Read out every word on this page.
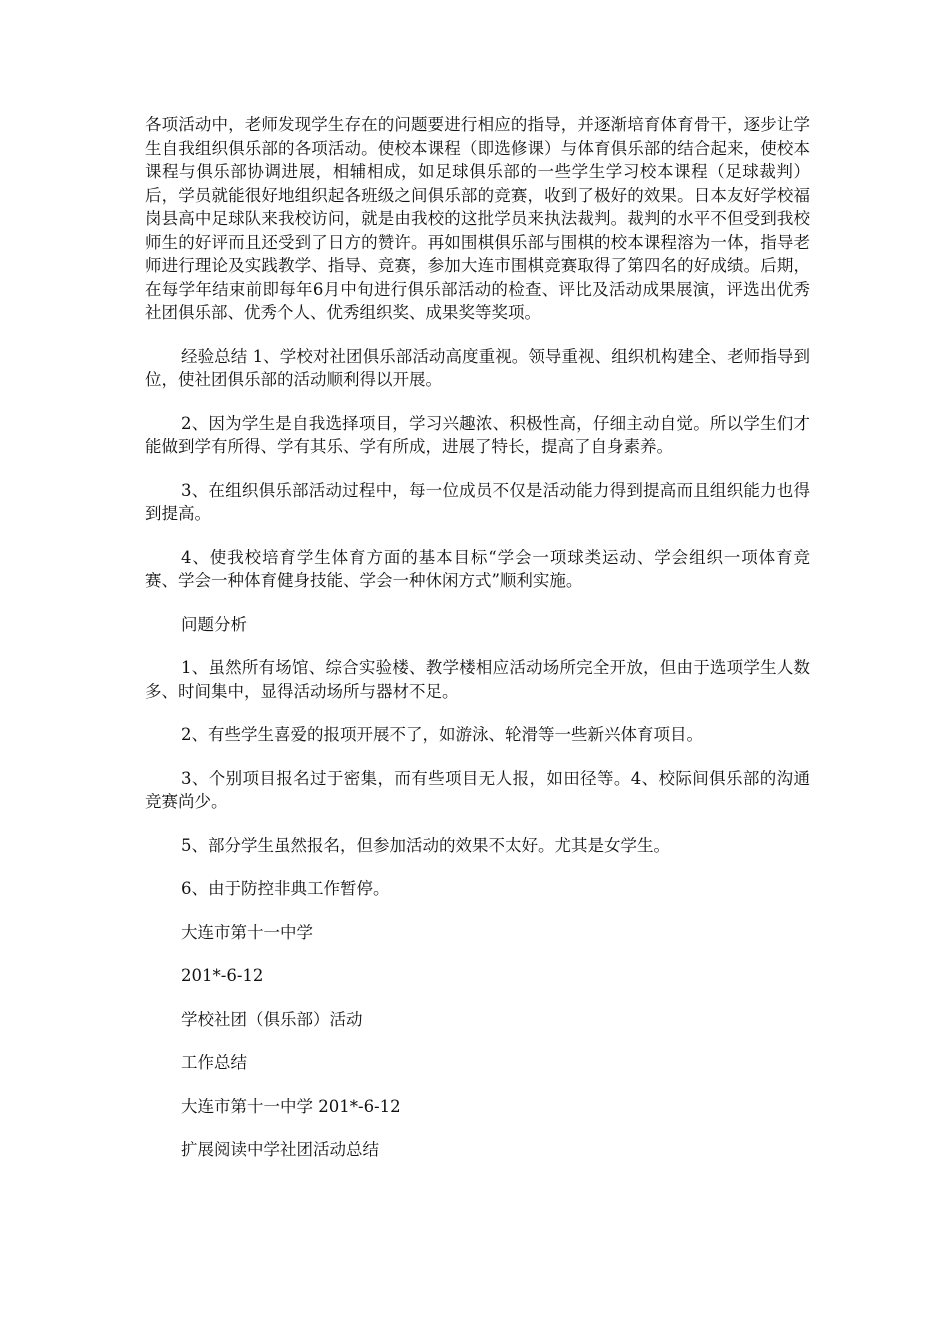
各项活动中，老师发现学生存在的问题要进行相应的指导，并逐渐培育体育骨干，逐步让学生自我组织俱乐部的各项活动。使校本课程（即选修课）与体育俱乐部的结合起来，使校本课程与俱乐部协调进展，相辅相成，如足球俱乐部的一些学生学习校本课程（足球裁判）后，学员就能很好地组织起各班级之间俱乐部的竞赛，收到了极好的效果。日本友好学校福岗县高中足球队来我校访问，就是由我校的这批学员来执法裁判。裁判的水平不但受到我校师生的好评而且还受到了日方的赞许。再如围棋俱乐部与围棋的校本课程溶为一体，指导老师进行理论及实践教学、指导、竞赛，参加大连市围棋竞赛取得了第四名的好成绩。后期，在每学年结束前即每年6月中旬进行俱乐部活动的检查、评比及活动成果展演，评选出优秀社团俱乐部、优秀个人、优秀组织奖、成果奖等奖项。

经验总结 1、学校对社团俱乐部活动高度重视。领导重视、组织机构建全、老师指导到位，使社团俱乐部的活动顺利得以开展。

2、因为学生是自我选择项目，学习兴趣浓、积极性高，仔细主动自觉。所以学生们才能做到学有所得、学有其乐、学有所成，进展了特长，提高了自身素养。

3、在组织俱乐部活动过程中，每一位成员不仅是活动能力得到提高而且组织能力也得到提高。

4、使我校培育学生体育方面的基本目标“学会一项球类运动、学会组织一项体育竞赛、学会一种体育健身技能、学会一种休闲方式”顺利实施。

问题分析

1、虽然所有场馆、综合实验楼、教学楼相应活动场所完全开放，但由于选项学生人数多、时间集中，显得活动场所与器材不足。

2、有些学生喜爱的报项开展不了，如游泳、轮滑等一些新兴体育项目。

3、个别项目报名过于密集，而有些项目无人报，如田径等。4、校际间俱乐部的沟通竞赛尚少。

5、部分学生虽然报名，但参加活动的效果不太好。尤其是女学生。

6、由于防控非典工作暂停。

大连市第十一中学

201*-6-12

学校社团（俱乐部）活动

工作总结

大连市第十一中学 201*-6-12

扩展阅读中学社团活动总结
